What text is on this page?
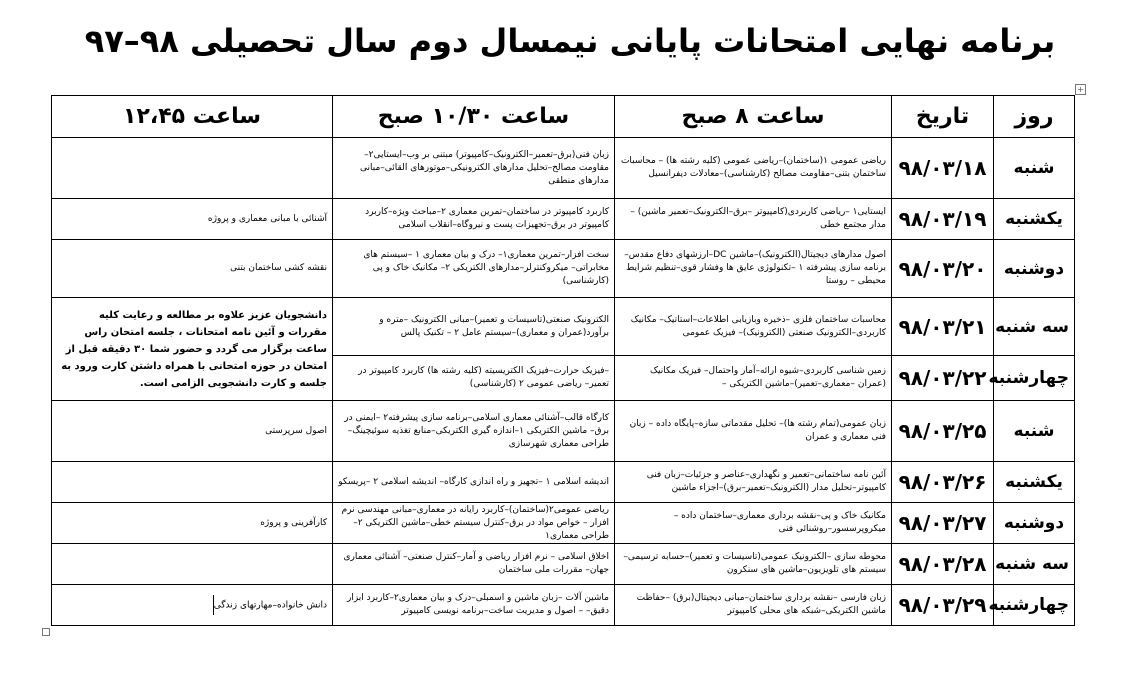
برنامه نهایی امتحانات پایانی نیمسال دوم سال تحصیلی ۹۸–۹۷
+
روز	تاریخ	ساعت ۸ صبح	ساعت ۱۰/۳۰ صبح	ساعت ۱۲،۴۵
شنبه	۹۸/۰۳/۱۸	ریاضی عمومی ۱(ساختمان)–ریاضی عمومی (کلیه رشته ها) – محاسبات ساختمان بتنی–مقاومت مصالح (کارشناسی)–معادلات دیفرانسیل	زبان فنی(برق–تعمیر–الکترونیک–کامپیوتر) مبتنی بر وب–ایستایی۲–مقاومت مصالح–تحلیل مدارهای الکترونیکی–موتورهای القائی–مبانی مدارهای منطقی	
یکشنبه	۹۸/۰۳/۱۹	ایستایی۱ –ریاضی کاربردی(کامپیوتر –برق–الکترونیک–تعمیر ماشین) –مدار مجتمع خطی	کاربرد کامپیوتر در ساختمان–تمرین معماری ۲–مباحث ویژه–کاربرد کامپیوتر در برق–تجهیزات پست و نیروگاه–انقلاب اسلامی	آشنائی با مبانی معماری و پروژه
دوشنبه	۹۸/۰۳/۲۰	اصول مدارهای دیجیتال(الکترونیک)–ماشین DC–ارزشهای دفاع مقدس–برنامه سازی پیشرفته ۱ –تکنولوژی عایق ها وفشار قوی–تنظیم شرایط محیطی – روستا	سخت افزار–تمرین معماری۱– درک و بیان معماری ۱ –سیستم های مخابراتی– میکروکنترلر–مدارهای الکتریکی ۲– مکانیک خاک و پی (کارشناسی)	نقشه کشی ساختمان بتنی
سه شنبه	۹۸/۰۳/۲۱	محاسبات ساختمان فلزی –ذخیره وبازیابی اطلاعات–استاتیک– مکانیک کاربردی–الکترونیک صنعتی (الکترونیک)– فیزیک عمومی	الکترونیک صنعتی(تاسیسات و تعمیر)–مبانی الکترونیک –متره و برآورد(عمران و معماری)–سیستم عامل ۲ – تکنیک پالس	دانشجویان عزیز علاوه بر مطالعه و رعایت کلیه مقررات و آئین نامه امتحانات ، جلسه امتحان راس ساعت برگزار می گردد و حضور شما ۳۰ دقیقه قبل از امتحان در حوزه امتحانی با همراه داشتن کارت ورود به جلسه و کارت دانشجویی الزامی است.
چهارشنبه	۹۸/۰۳/۲۲	زمین شناسی کاربردی–شیوه ارائه–آمار واحتمال– فیزیک مکانیک (عمران –معماری–تعمیر)–ماشین الکتریکی –	–فیزیک حرارت–فیزیک الکتریسیته (کلیه رشته ها) کاربرد کامپیوتر در تعمیر– ریاضی عمومی ۲ (کارشناسی)	
شنبه	۹۸/۰۳/۲۵	زبان عمومی(تمام رشته ها)– تحلیل مقدماتی سازه–پایگاه داده – زبان فنی معماری و عمران	کارگاه قالب–آشنائی معماری اسلامی–برنامه سازی پیشرفته۲ –ایمنی در برق– ماشین الکتریکی ۱–اندازه گیری الکتریکی–منابع تغذیه سوئیچینگ–طراحی معماری شهرسازی	اصول سرپرستی
یکشنبه	۹۸/۰۳/۲۶	آئین نامه ساختمانی–تعمیر و نگهداری–عناصر و جزئیات–زبان فنی کامپیوتر–تحلیل مدار (الکترونیک–تعمیر–برق)–اجزاء ماشین	اندیشه اسلامی ۱ –تجهیز و راه اندازی کارگاه– اندیشه اسلامی ۲ –پریسکو	
دوشنبه	۹۸/۰۳/۲۷	مکانیک خاک و پی–نقشه برداری معماری–ساختمان داده – میکروپرسسور–روشنائی فنی	ریاضی عمومی۲(ساختمان)–کاربرد رایانه در معماری–مبانی مهندسی نرم افزار – خواص مواد در برق–کنترل سیستم خطی–ماشین الکتریکی ۲–طراحی معماری۱	کارآفرینی و پروژه
سه شنبه	۹۸/۰۳/۲۸	محوطه سازی –الکترونیک عمومی(تاسیسات و تعمیر)–حسابه ترسیمی–سیستم های تلویزیون–ماشین های سنکرون	اخلاق اسلامی – نرم افزار ریاضی و آمار–کنترل صنعتی– آشنائی معماری جهان– مقررات ملی ساختمان	
چهارشنبه	۹۸/۰۳/۲۹	زبان فارسی –نقشه برداری ساختمان–مبانی دیجیتال(برق) –حفاظت ماشین الکتریکی–شبکه های محلی کامپیوتر	ماشین آلات –زبان ماشین و اسمبلی–درک و بیان معماری۲–کاربرد ابزار دقیق– – اصول و مدیریت ساخت–برنامه نویسی کامپیوتر	دانش خانواده–مهارتهای زندگی
